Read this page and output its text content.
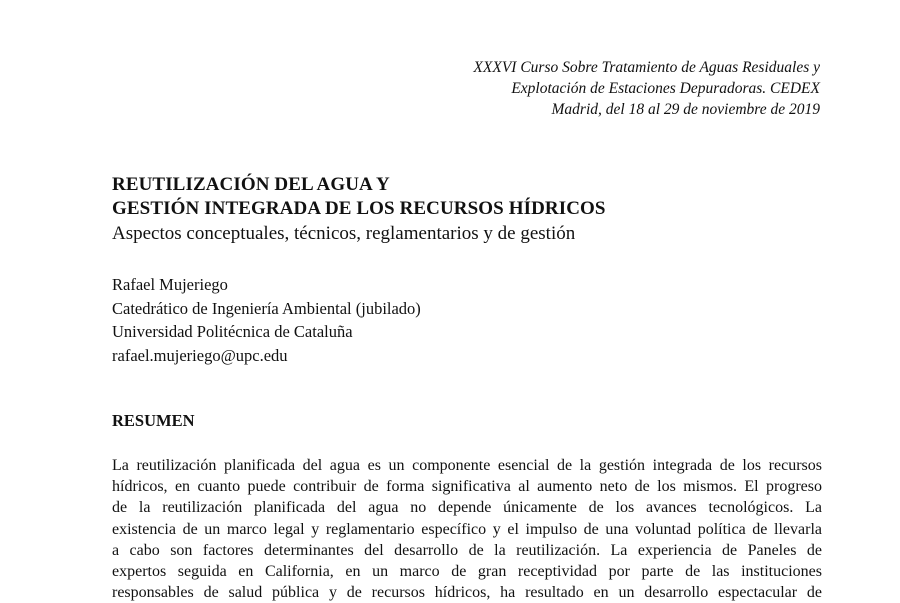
XXXVI Curso Sobre Tratamiento de Aguas Residuales y
Explotación de Estaciones Depuradoras. CEDEX
Madrid, del 18 al 29 de noviembre de 2019
REUTILIZACIÓN DEL AGUA Y
GESTIÓN INTEGRADA DE LOS RECURSOS HÍDRICOS
Aspectos conceptuales, técnicos, reglamentarios y de gestión
Rafael Mujeriego
Catedrático de Ingeniería Ambiental (jubilado)
Universidad Politécnica de Cataluña
rafael.mujeriego@upc.edu
RESUMEN
La reutilización planificada del agua es un componente esencial de la gestión integrada de los recursos
hídricos, en cuanto puede contribuir de forma significativa al aumento neto de los mismos. El progreso
de la reutilización planificada del agua no depende únicamente de los avances tecnológicos. La
existencia de un marco legal y reglamentario específico y el impulso de una voluntad política de llevarla
a cabo son factores determinantes del desarrollo de la reutilización. La experiencia de Paneles de
expertos seguida en California, en un marco de gran receptividad por parte de las instituciones
responsables de salud pública y de recursos hídricos, ha resultado en un desarrollo espectacular de
